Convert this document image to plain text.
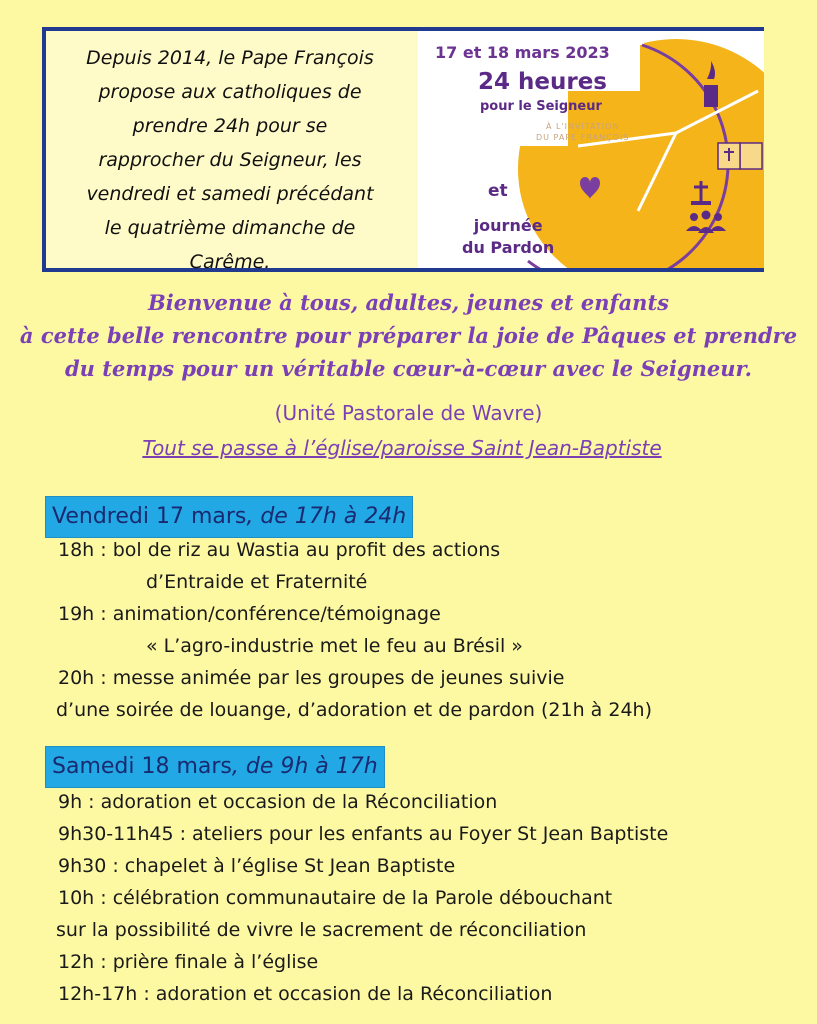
Depuis 2014, le Pape François
propose aux catholiques de
prendre 24h pour se
rapprocher du Seigneur, les
vendredi et samedi précédant
le quatrième dimanche de
Carême.
17 et 18 mars 2023
24 heures
pour le Seigneur
À L'INVITATION
DU PAPE FRANÇOIS
et
journée
du Pardon
Bienvenue à tous, adultes, jeunes et enfants
à cette belle rencontre pour préparer la joie de Pâques et prendre
du temps pour un véritable cœur-à-cœur avec le Seigneur.
(Unité Pastorale de Wavre)
Tout se passe à l’église/paroisse Saint Jean-Baptiste
Vendredi 17 mars, de 17h à 24h
18h : bol de riz au Wastia au profit des actions
d’Entraide et Fraternité
19h : animation/conférence/témoignage
« L’agro-industrie met le feu au Brésil »
20h : messe animée par les groupes de jeunes suivie
d’une soirée de louange, d’adoration et de pardon (21h à 24h)
Samedi 18 mars, de 9h à 17h
9h : adoration et occasion de la Réconciliation
9h30-11h45 : ateliers pour les enfants au Foyer St Jean Baptiste
9h30 : chapelet à l’église St Jean Baptiste
10h : célébration communautaire de la Parole débouchant
sur la possibilité de vivre le sacrement de réconciliation
12h : prière finale à l’église
12h-17h : adoration et occasion de la Réconciliation
